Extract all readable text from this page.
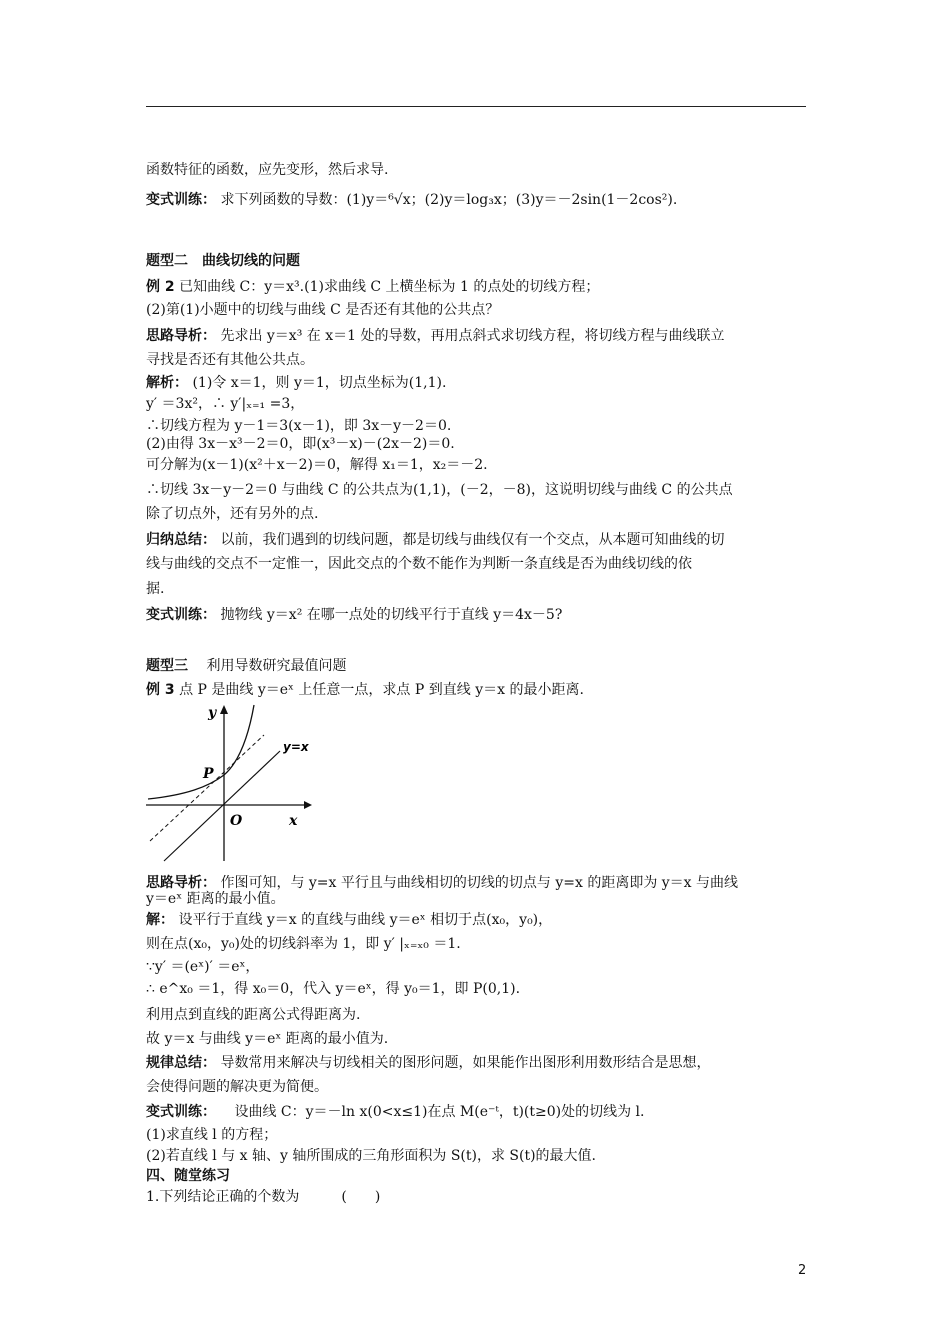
函数特征的函数，应先变形，然后求导.
变式训练： 求下列函数的导数：(1)y＝⁶√x；(2)y＝log₃x；(3)y＝－2sin(1－2cos²).
题型二　曲线切线的问题
例 2 已知曲线 C：y＝x³.(1)求曲线 C 上横坐标为 1 的点处的切线方程；
(2)第(1)小题中的切线与曲线 C 是否还有其他的公共点？
思路导析： 先求出 y＝x³ 在 x＝1 处的导数，再用点斜式求切线方程，将切线方程与曲线联立
寻找是否还有其他公共点。
解析： (1)令 x＝1，则 y＝1，切点坐标为(1,1).
y′ ＝3x²，∴ y′|ₓ₌₁ =3，
∴切线方程为 y－1＝3(x－1)，即 3x－y－2＝0.
(2)由得 3x－x³－2＝0，即(x³－x)－(2x－2)＝0.
可分解为(x－1)(x²＋x－2)＝0，解得 x₁＝1，x₂＝－2.
∴切线 3x－y－2＝0 与曲线 C 的公共点为(1,1)，(－2，－8)，这说明切线与曲线 C 的公共点
除了切点外，还有另外的点.
归纳总结： 以前，我们遇到的切线问题，都是切线与曲线仅有一个交点，从本题可知曲线的切
线与曲线的交点不一定惟一，因此交点的个数不能作为判断一条直线是否为曲线切线的依
据.
变式训练： 抛物线 y＝x² 在哪一点处的切线平行于直线 y＝4x－5?
题型三 　利用导数研究最值问题
例 3 点 P 是曲线 y＝eˣ 上任意一点，求点 P 到直线 y＝x 的最小距离.
思路导析： 作图可知，与 y=x 平行且与曲线相切的切线的切点与 y=x 的距离即为 y＝x 与曲线
y＝eˣ 距离的最小值。
解： 设平行于直线 y＝x 的直线与曲线 y＝eˣ 相切于点(x₀，y₀)，
则在点(x₀，y₀)处的切线斜率为 1，即 y′ |ₓ₌ₓ₀ ＝1.
∵y′ ＝(eˣ)′ ＝eˣ，
∴ e^x₀ ＝1，得 x₀＝0，代入 y＝eˣ，得 y₀＝1，即 P(0,1).
利用点到直线的距离公式得距离为.
故 y＝x 与曲线 y＝eˣ 距离的最小值为.
规律总结： 导数常用来解决与切线相关的图形问题，如果能作出图形利用数形结合是思想，
会使得问题的解决更为简便。
变式训练： 　设曲线 C：y＝－ln x(0<x≤1)在点 M(e⁻ᵗ，t)(t≥0)处的切线为 l.
(1)求直线 l 的方程；
(2)若直线 l 与 x 轴、y 轴所围成的三角形面积为 S(t)，求 S(t)的最大值.
四、随堂练习
1.下列结论正确的个数为　　　(　　)
y
x
O
P
y=x
2
